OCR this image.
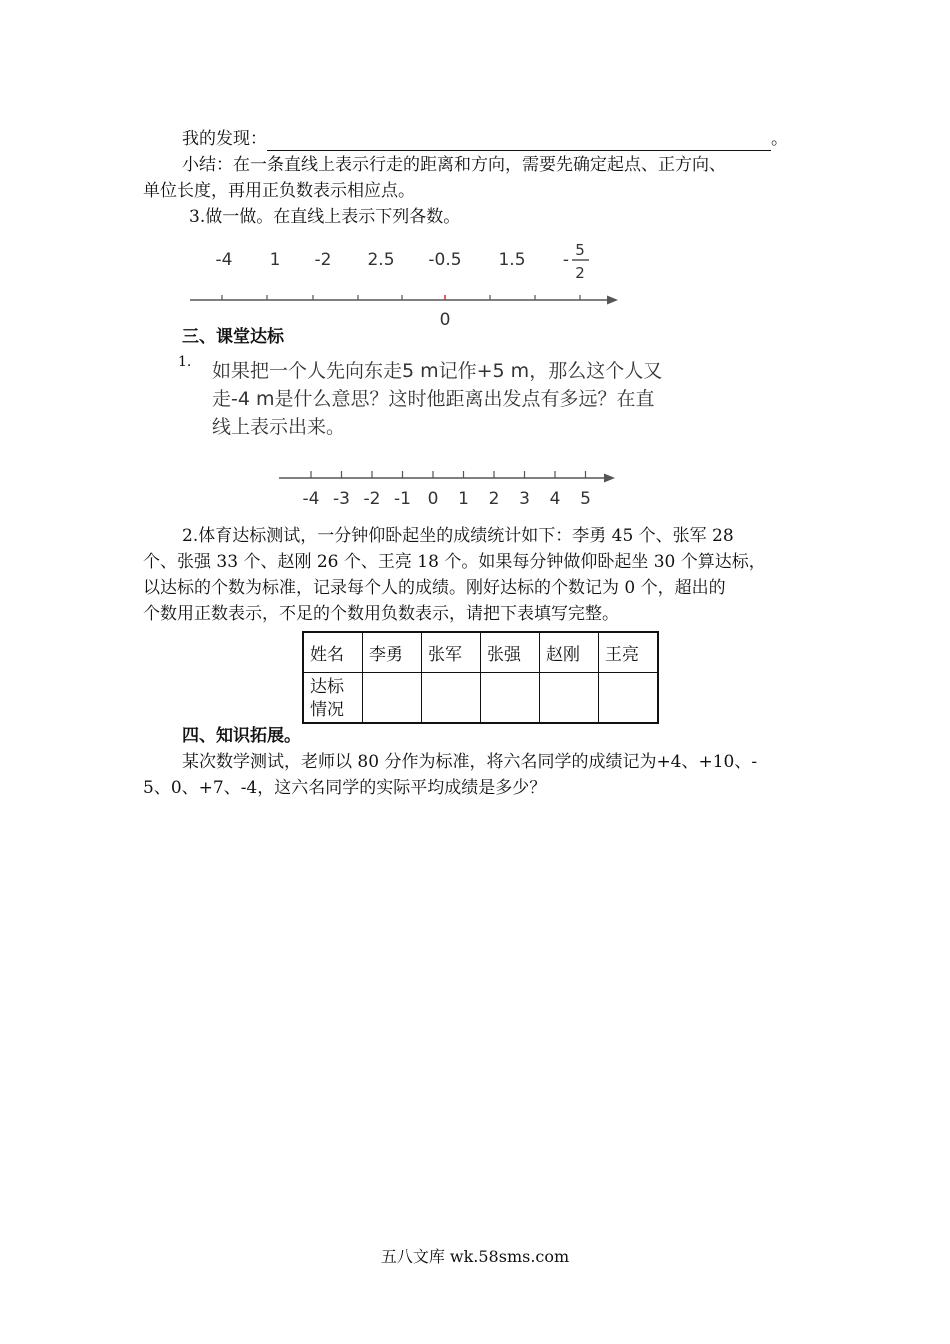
我的发现：	。
小结：在一条直线上表示行走的距离和方向，需要先确定起点、正方向、
单位长度，再用正负数表示相应点。
3.做一做。在直线上表示下列各数。
-4 1 -2 2.5 -0.5 1.5 - 5
2
0
三、课堂达标
1. 如果把一个人先向东走5 m记作+5 m，那么这个人又
走-4 m是什么意思？这时他距离出发点有多远？在直
线上表示出来。
-4 -3 -2 -1 0 1 2 3 4 5
2.体育达标测试，一分钟仰卧起坐的成绩统计如下：李勇 45 个、张军 28
个、张强 33 个、赵刚 26 个、王亮 18 个。如果每分钟做仰卧起坐 30 个算达标，
以达标的个数为标准，记录每个人的成绩。刚好达标的个数记为 0 个，超出的
个数用正数表示，不足的个数用负数表示，请把下表填写完整。
姓名	李勇	张军	张强	赵刚	王亮

达标
情况					

四、知识拓展。
某次数学测试，老师以 80 分作为标准，将六名同学的成绩记为+4、+10、-
5、0、+7、-4，这六名同学的实际平均成绩是多少？
五八文库 wk.58sms.com
